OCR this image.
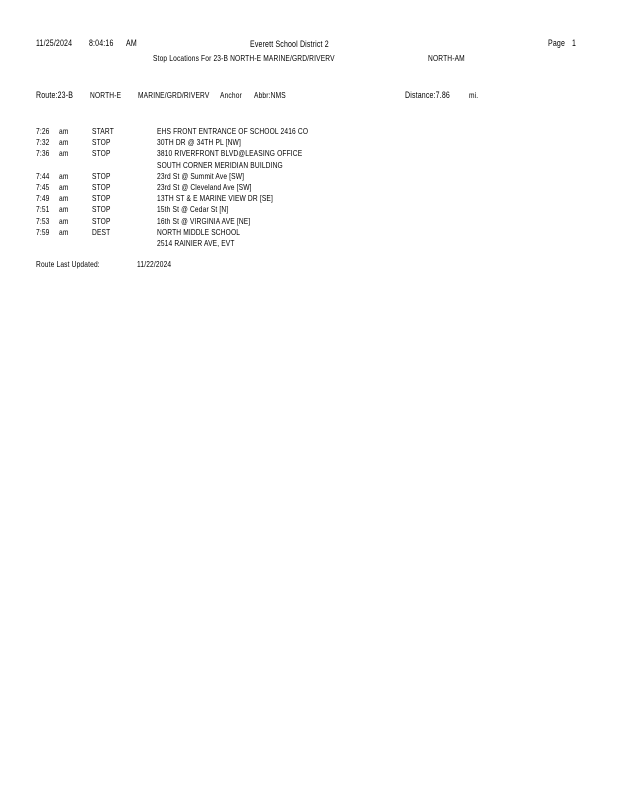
11/25/2024 8:04:16 AM	Everett School District 2	Page 1
Stop Locations For 23-B NORTH-E MARINE/GRD/RIVERV	NORTH-AM
Route:23-B NORTH-E MARINE/GRD/RIVERV Anchor Abbr:NMS	Distance:7.86 mi.
7:26 am	START	EHS FRONT ENTRANCE OF SCHOOL 2416 CO
7:32 am	STOP	30TH DR @ 34TH PL [NW]
7:36 am	STOP	3810 RIVERFRONT BLVD@LEASING OFFICE
SOUTH CORNER MERIDIAN BUILDING
7:44 am	STOP	23rd St @ Summit Ave [SW]
7:45 am	STOP	23rd St @ Cleveland Ave [SW]
7:49 am	STOP	13TH ST & E MARINE VIEW DR [SE]
7:51 am	STOP	15th St @ Cedar St [N]
7:53 am	STOP	16th St @ VIRGINIA AVE [NE]
7:59 am	DEST	NORTH MIDDLE SCHOOL
2514 RAINIER AVE, EVT
Route Last Updated:	11/22/2024
